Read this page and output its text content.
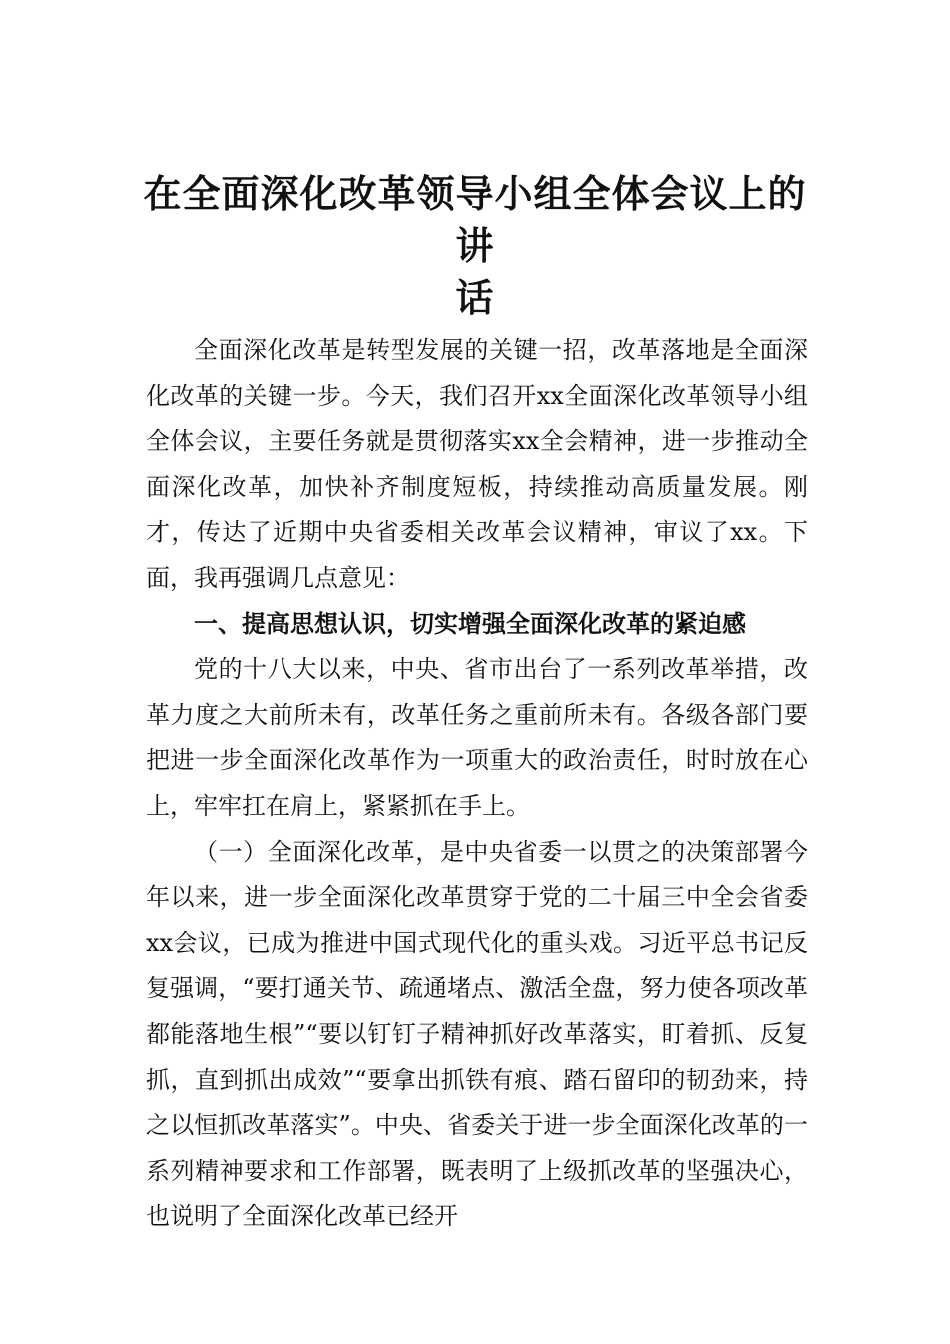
在全面深化改革领导小组全体会议上的讲
话

全面深化改革是转型发展的关键一招，改革落地是全面深化改革的关键一步。今天，我们召开xx全面深化改革领导小组全体会议，主要任务就是贯彻落实xx全会精神，进一步推动全面深化改革，加快补齐制度短板，持续推动高质量发展。刚才，传达了近期中央省委相关改革会议精神，审议了xx。下面，我再强调几点意见：

一、提高思想认识，切实增强全面深化改革的紧迫感

党的十八大以来，中央、省市出台了一系列改革举措，改革力度之大前所未有，改革任务之重前所未有。各级各部门要把进一步全面深化改革作为一项重大的政治责任，时时放在心上，牢牢扛在肩上，紧紧抓在手上。

（一）全面深化改革，是中央省委一以贯之的决策部署今年以来，进一步全面深化改革贯穿于党的二十届三中全会省委xx会议，已成为推进中国式现代化的重头戏。习近平总书记反复强调，“要打通关节、疏通堵点、激活全盘，努力使各项改革都能落地生根”“要以钉钉子精神抓好改革落实，盯着抓、反复抓，直到抓出成效”“要拿出抓铁有痕、踏石留印的韧劲来，持之以恒抓改革落实”。中央、省委关于进一步全面深化改革的一系列精神要求和工作部署，既表明了上级抓改革的坚强决心，也说明了全面深化改革已经开
